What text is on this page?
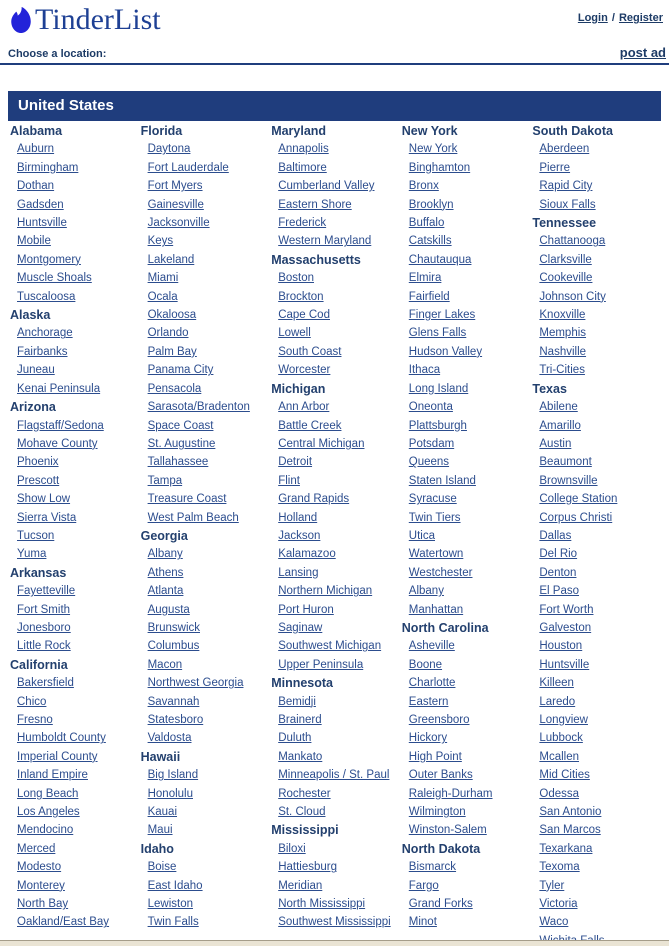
TinderList	Login / Register
Choose a location:	post ad
United States
Alabama
Auburn
Birmingham
Dothan
Gadsden
Huntsville
Mobile
Montgomery
Muscle Shoals
Tuscaloosa
Alaska
Anchorage
Fairbanks
Juneau
Kenai Peninsula
Arizona
Flagstaff/Sedona
Mohave County
Phoenix
Prescott
Show Low
Sierra Vista
Tucson
Yuma
Arkansas
Fayetteville
Fort Smith
Jonesboro
Little Rock
California
Bakersfield
Chico
Fresno
Humboldt County
Imperial County
Inland Empire
Long Beach
Los Angeles
Mendocino
Merced
Modesto
Monterey
North Bay
Oakland/East Bay
Florida
Daytona
Fort Lauderdale
Fort Myers
Gainesville
Jacksonville
Keys
Lakeland
Miami
Ocala
Okaloosa
Orlando
Palm Bay
Panama City
Pensacola
Sarasota/Bradenton
Space Coast
St. Augustine
Tallahassee
Tampa
Treasure Coast
West Palm Beach
Georgia
Albany
Athens
Atlanta
Augusta
Brunswick
Columbus
Macon
Northwest Georgia
Savannah
Statesboro
Valdosta
Hawaii
Big Island
Honolulu
Kauai
Maui
Idaho
Boise
East Idaho
Lewiston
Twin Falls
Maryland
Annapolis
Baltimore
Cumberland Valley
Eastern Shore
Frederick
Western Maryland
Massachusetts
Boston
Brockton
Cape Cod
Lowell
South Coast
Worcester
Michigan
Ann Arbor
Battle Creek
Central Michigan
Detroit
Flint
Grand Rapids
Holland
Jackson
Kalamazoo
Lansing
Northern Michigan
Port Huron
Saginaw
Southwest Michigan
Upper Peninsula
Minnesota
Bemidji
Brainerd
Duluth
Mankato
Minneapolis / St. Paul
Rochester
St. Cloud
Mississippi
Biloxi
Hattiesburg
Meridian
North Mississippi
Southwest Mississippi
New York
New York
Binghamton
Bronx
Brooklyn
Buffalo
Catskills
Chautauqua
Elmira
Fairfield
Finger Lakes
Glens Falls
Hudson Valley
Ithaca
Long Island
Oneonta
Plattsburgh
Potsdam
Queens
Staten Island
Syracuse
Twin Tiers
Utica
Watertown
Westchester
Albany
Manhattan
North Carolina
Asheville
Boone
Charlotte
Eastern
Greensboro
Hickory
High Point
Outer Banks
Raleigh-Durham
Wilmington
Winston-Salem
North Dakota
Bismarck
Fargo
Grand Forks
Minot
South Dakota
Aberdeen
Pierre
Rapid City
Sioux Falls
Tennessee
Chattanooga
Clarksville
Cookeville
Johnson City
Knoxville
Memphis
Nashville
Tri-Cities
Texas
Abilene
Amarillo
Austin
Beaumont
Brownsville
College Station
Corpus Christi
Dallas
Del Rio
Denton
El Paso
Fort Worth
Galveston
Houston
Huntsville
Killeen
Laredo
Longview
Lubbock
Mcallen
Mid Cities
Odessa
San Antonio
San Marcos
Texarkana
Texoma
Tyler
Victoria
Waco
